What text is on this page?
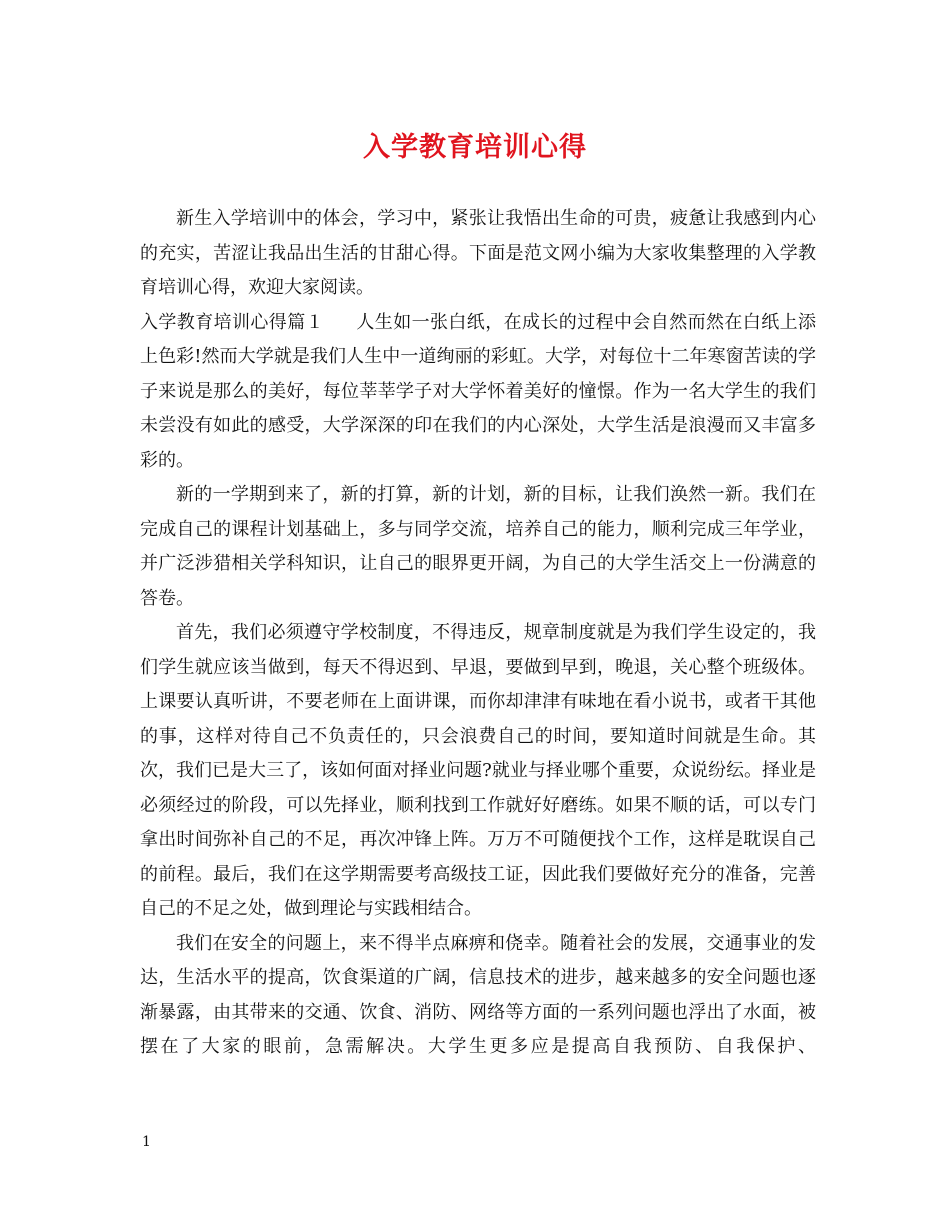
入学教育培训心得

新生入学培训中的体会，学习中，紧张让我悟出生命的可贵，疲惫让我感到内心的充实，苦涩让我品出生活的甘甜心得。下面是范文网小编为大家收集整理的入学教育培训心得，欢迎大家阅读。

入学教育培训心得篇１ 人生如一张白纸，在成长的过程中会自然而然在白纸上添上色彩!然而大学就是我们人生中一道绚丽的彩虹。大学，对每位十二年寒窗苦读的学子来说是那么的美好，每位莘莘学子对大学怀着美好的憧憬。作为一名大学生的我们未尝没有如此的感受，大学深深的印在我们的内心深处，大学生活是浪漫而又丰富多彩的。

新的一学期到来了，新的打算，新的计划，新的目标，让我们涣然一新。我们在完成自己的课程计划基础上，多与同学交流，培养自己的能力，顺利完成三年学业，并广泛涉猎相关学科知识，让自己的眼界更开阔，为自己的大学生活交上一份满意的答卷。

首先，我们必须遵守学校制度，不得违反，规章制度就是为我们学生设定的，我们学生就应该当做到，每天不得迟到、早退，要做到早到，晚退，关心整个班级体。上课要认真听讲，不要老师在上面讲课，而你却津津有味地在看小说书，或者干其他的事，这样对待自己不负责任的，只会浪费自己的时间，要知道时间就是生命。其次，我们已是大三了，该如何面对择业问题?就业与择业哪个重要，众说纷纭。择业是必须经过的阶段，可以先择业，顺利找到工作就好好磨练。如果不顺的话，可以专门拿出时间弥补自己的不足，再次冲锋上阵。万万不可随便找个工作，这样是耽误自己的前程。最后，我们在这学期需要考高级技工证，因此我们要做好充分的准备，完善自己的不足之处，做到理论与实践相结合。

我们在安全的问题上，来不得半点麻痹和侥幸。随着社会的发展，交通事业的发达，生活水平的提高，饮食渠道的广阔，信息技术的进步，越来越多的安全问题也逐渐暴露，由其带来的交通、饮食、消防、网络等方面的一系列问题也浮出了水面，被摆在了大家的眼前，急需解决。大学生更多应是提高自我预防、自我保护、

1
